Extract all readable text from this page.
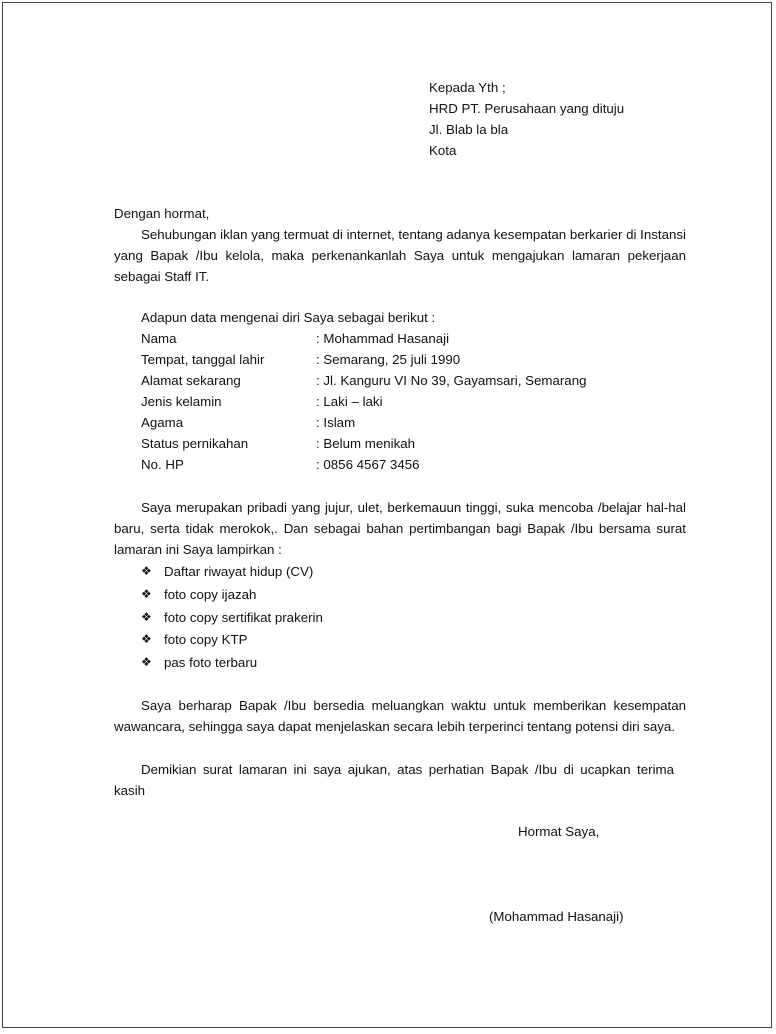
Kepada Yth ;
HRD PT. Perusahaan yang dituju
Jl. Blab la bla
Kota
Dengan hormat,
Sehubungan iklan yang termuat di internet, tentang adanya kesempatan berkarier di Instansi yang Bapak /Ibu kelola, maka perkenankanlah Saya untuk mengajukan lamaran pekerjaan sebagai Staff IT.
Adapun data mengenai diri Saya sebagai berikut :
Nama	: Mohammad Hasanaji
Tempat, tanggal lahir	: Semarang, 25 juli 1990
Alamat sekarang	: Jl. Kanguru VI No 39, Gayamsari, Semarang
Jenis kelamin	: Laki – laki
Agama	: Islam
Status pernikahan	: Belum menikah
No. HP	: 0856 4567 3456
Saya merupakan pribadi yang jujur, ulet, berkemauun tinggi, suka mencoba /belajar hal-hal baru, serta tidak merokok,. Dan sebagai bahan pertimbangan bagi Bapak /Ibu bersama surat lamaran ini Saya lampirkan :
❖ Daftar riwayat hidup (CV)
❖ foto copy ijazah
❖ foto copy sertifikat prakerin
❖ foto copy KTP
❖ pas foto terbaru
Saya berharap Bapak /Ibu bersedia meluangkan waktu untuk memberikan kesempatan wawancara, sehingga saya dapat menjelaskan secara lebih terperinci tentang potensi diri saya.
Demikian surat lamaran ini saya ajukan, atas perhatian Bapak /Ibu di ucapkan terima kasih
Hormat Saya,
(Mohammad Hasanaji)
